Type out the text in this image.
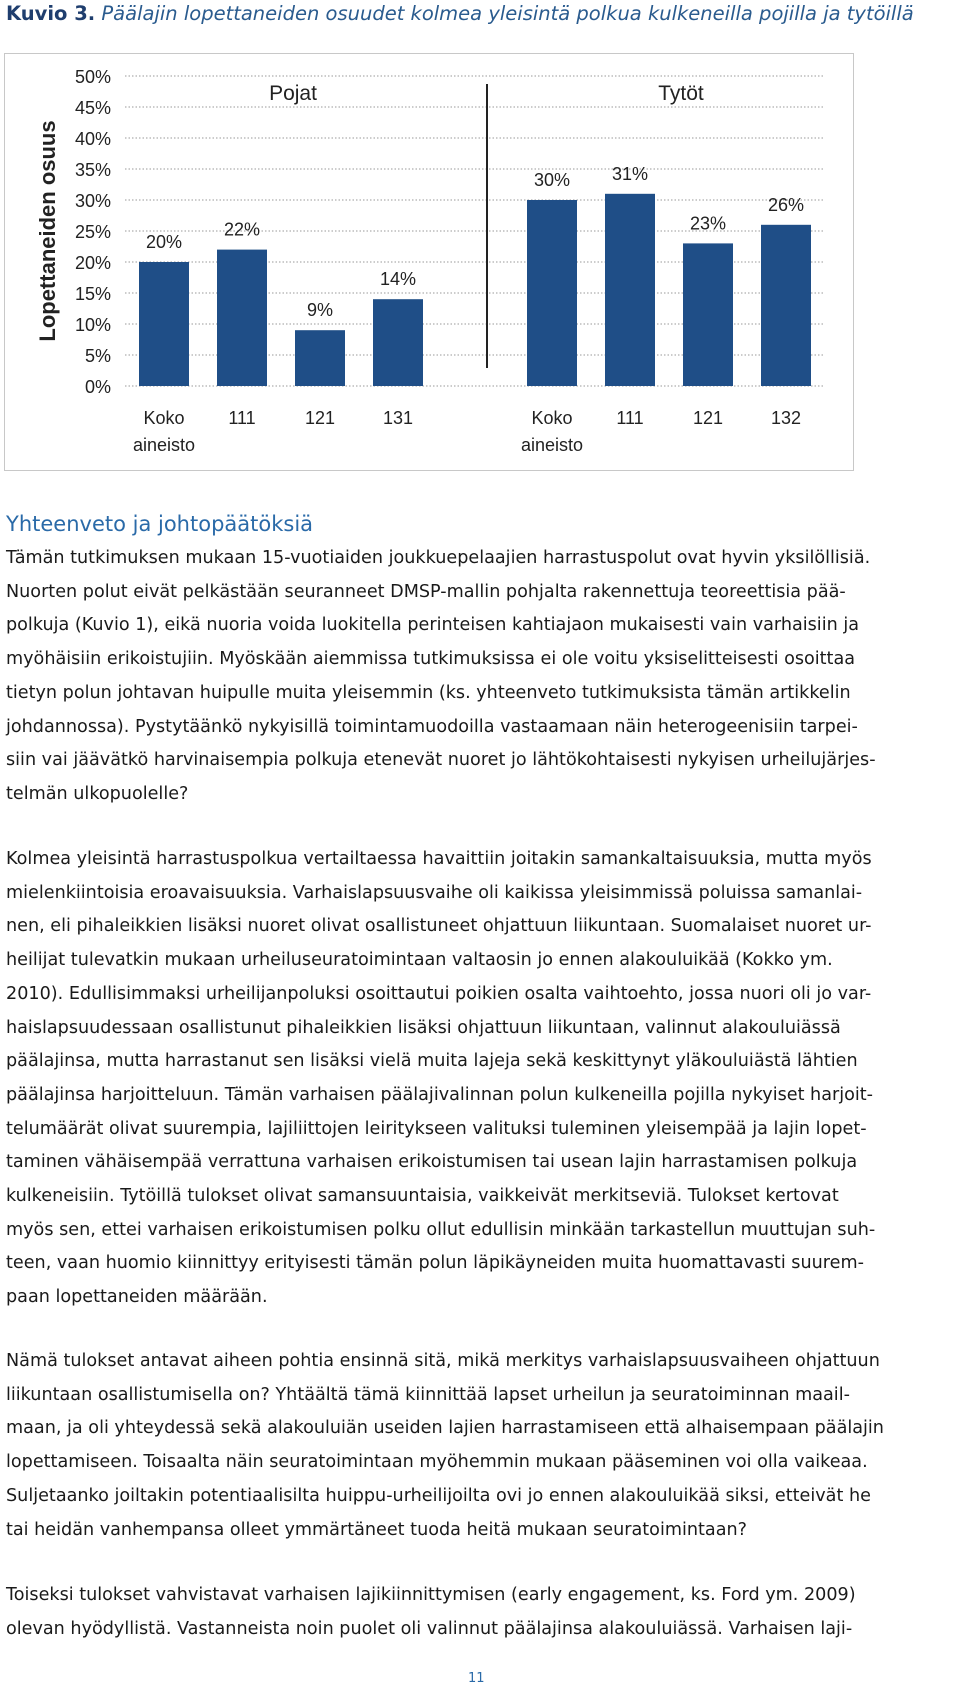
Kuvio 3. Päälajin lopettaneiden osuudet kolmea yleisintä polkua kulkeneilla pojilla ja tytöillä
0%
5%
10%
15%
20%
25%
30%
35%
40%
45%
50%
Lopettaneiden osuus
Pojat
20%
Koko
aineisto
22%
111
9%
121
14%
131
Tytöt
30%
Koko
aineisto
31%
111
23%
121
26%
132
Yhteenveto ja johtopäätöksiä
Tämän tutkimuksen mukaan 15-vuotiaiden joukkuepelaajien harrastuspolut ovat hyvin yksilöllisiä.
Nuorten polut eivät pelkästään seuranneet DMSP-mallin pohjalta rakennettuja teoreettisia pää-
polkuja (Kuvio 1), eikä nuoria voida luokitella perinteisen kahtiajaon mukaisesti vain varhaisiin ja
myöhäisiin erikoistujiin. Myöskään aiemmissa tutkimuksissa ei ole voitu yksiselitteisesti osoittaa
tietyn polun johtavan huipulle muita yleisemmin (ks. yhteenveto tutkimuksista tämän artikkelin
johdannossa). Pystytäänkö nykyisillä toimintamuodoilla vastaamaan näin heterogeenisiin tarpei-
siin vai jäävätkö harvinaisempia polkuja etenevät nuoret jo lähtökohtaisesti nykyisen urheilujärjes-
telmän ulkopuolelle?
Kolmea yleisintä harrastuspolkua vertailtaessa havaittiin joitakin samankaltaisuuksia, mutta myös
mielenkiintoisia eroavaisuuksia. Varhaislapsuusvaihe oli kaikissa yleisimmissä poluissa samanlai-
nen, eli pihaleikkien lisäksi nuoret olivat osallistuneet ohjattuun liikuntaan. Suomalaiset nuoret ur-
heilijat tulevatkin mukaan urheiluseuratoimintaan valtaosin jo ennen alakouluikää (Kokko ym.
2010). Edullisimmaksi urheilijanpoluksi osoittautui poikien osalta vaihtoehto, jossa nuori oli jo var-
haislapsuudessaan osallistunut pihaleikkien lisäksi ohjattuun liikuntaan, valinnut alakouluiässä
päälajinsa, mutta harrastanut sen lisäksi vielä muita lajeja sekä keskittynyt yläkouluiästä lähtien
päälajinsa harjoitteluun. Tämän varhaisen päälajivalinnan polun kulkeneilla pojilla nykyiset harjoit-
telumäärät olivat suurempia, lajiliittojen leiritykseen valituksi tuleminen yleisempää ja lajin lopet-
taminen vähäisempää verrattuna varhaisen erikoistumisen tai usean lajin harrastamisen polkuja
kulkeneisiin. Tytöillä tulokset olivat samansuuntaisia, vaikkeivät merkitseviä. Tulokset kertovat
myös sen, ettei varhaisen erikoistumisen polku ollut edullisin minkään tarkastellun muuttujan suh-
teen, vaan huomio kiinnittyy erityisesti tämän polun läpikäyneiden muita huomattavasti suurem-
paan lopettaneiden määrään.
Nämä tulokset antavat aiheen pohtia ensinnä sitä, mikä merkitys varhaislapsuusvaiheen ohjattuun
liikuntaan osallistumisella on? Yhtäältä tämä kiinnittää lapset urheilun ja seuratoiminnan maail-
maan, ja oli yhteydessä sekä alakouluiän useiden lajien harrastamiseen että alhaisempaan päälajin
lopettamiseen. Toisaalta näin seuratoimintaan myöhemmin mukaan pääseminen voi olla vaikeaa.
Suljetaanko joiltakin potentiaalisilta huippu-urheilijoilta ovi jo ennen alakouluikää siksi, etteivät he
tai heidän vanhempansa olleet ymmärtäneet tuoda heitä mukaan seuratoimintaan?
Toiseksi tulokset vahvistavat varhaisen lajikiinnittymisen (early engagement, ks. Ford ym. 2009)
olevan hyödyllistä. Vastanneista noin puolet oli valinnut päälajinsa alakouluiässä. Varhaisen laji-
11
